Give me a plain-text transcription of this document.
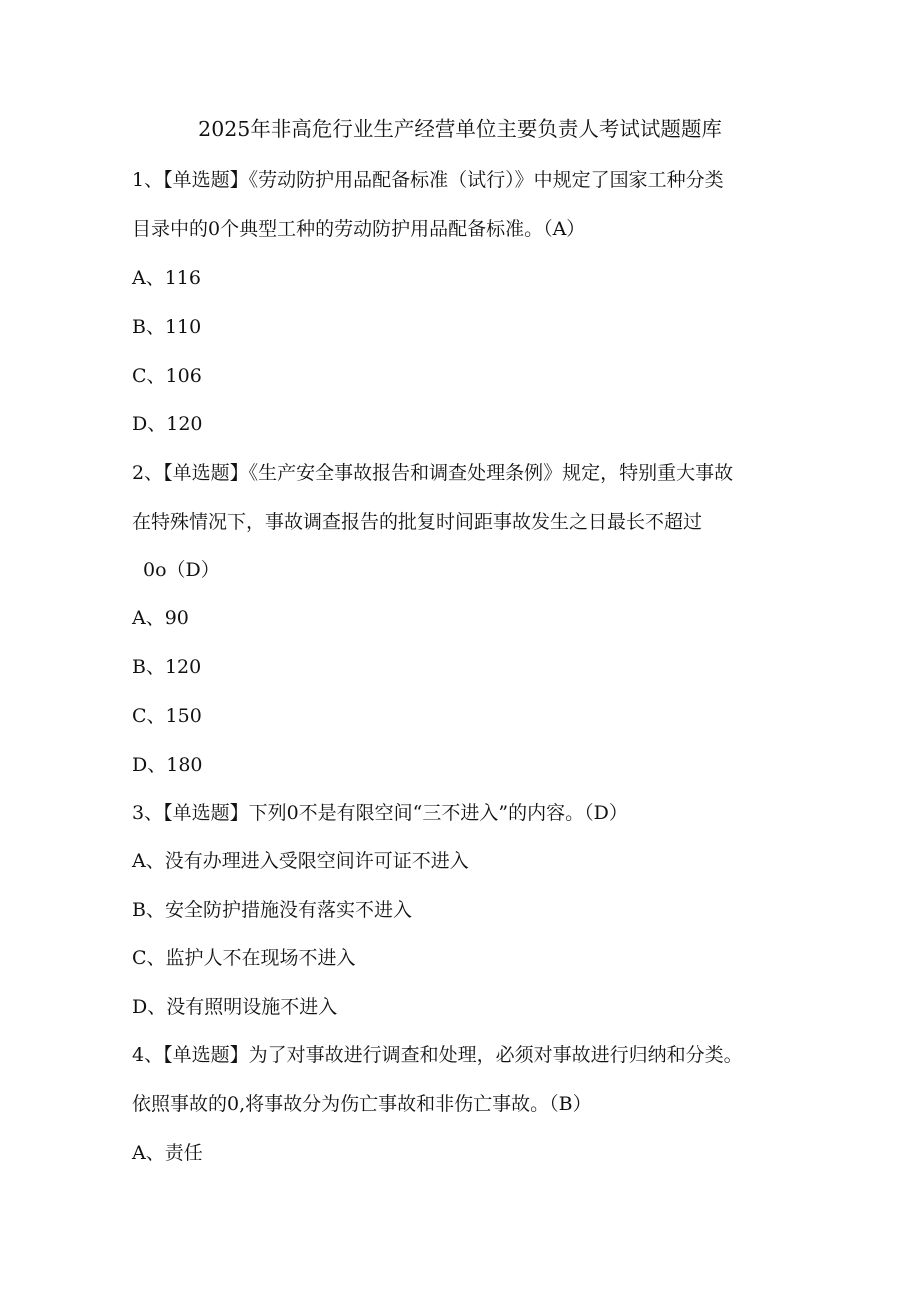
2025年非高危行业生产经营单位主要负责人考试试题题库
1、【单选题】《劳动防护用品配备标准（试行）》中规定了国家工种分类
目录中的0个典型工种的劳动防护用品配备标准。（A）
A、116
B、110
C、106
D、120
2、【单选题】《生产安全事故报告和调查处理条例》规定，特别重大事故
在特殊情况下，事故调查报告的批复时间距事故发生之日最长不超过
0o（D）
A、90
B、120
C、150
D、180
3、【单选题】下列0不是有限空间“三不进入”的内容。（D）
A、没有办理进入受限空间许可证不进入
B、安全防护措施没有落实不进入
C、监护人不在现场不进入
D、没有照明设施不进入
4、【单选题】为了对事故进行调查和处理，必须对事故进行归纳和分类。
依照事故的0,将事故分为伤亡事故和非伤亡事故。（B）
A、责任
